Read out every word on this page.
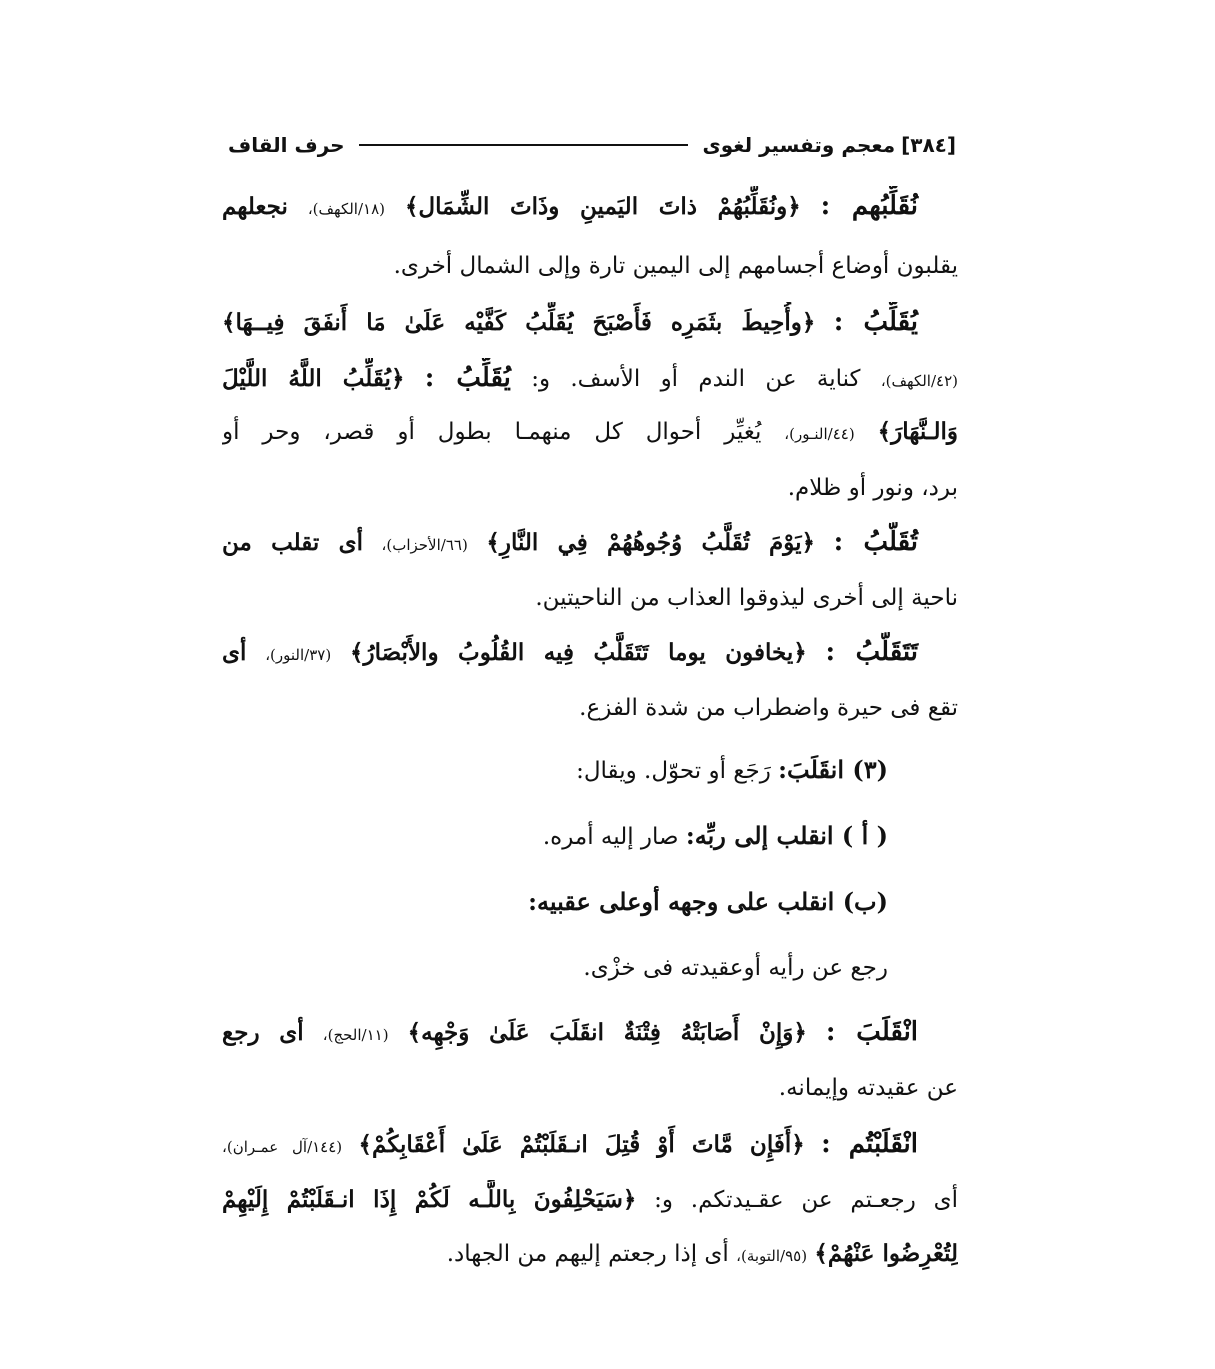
[٣٨٤]
معجم وتفسير لغوى
حرف القاف
نُقَلِّبُهم : ﴿ونُقَلِّبُهُمْ ذاتَ اليَمينِ وذَاتَ الشِّمَال﴾ (١٨/الكهف)، نجعلهم
يقلبون أوضاع أجسامهم إلى اليمين تارة وإلى الشمال أخرى.
يُقَلِّبُ : ﴿وأُحِيطَ بثَمَرِه فَأَصْبَحَ يُقَلِّبُ كَفَّيْه عَلَىٰ مَا أَنفَقَ فِيــهَا﴾
(٤٢/الكهف)، كناية عن الندم أو الأسف. و: يُقَلِّبُ : ﴿يُقَلِّبُ اللَّهُ اللَّيْلَ
وَالـنَّهَارَ﴾ (٤٤/النـور)، يُغيِّر أحوال كل منهمـا بطول أو قصر، وحر أو
برد، ونور أو ظلام.
تُقَلَّبُ : ﴿يَوْمَ تُقَلَّبُ وُجُوهُهُمْ فِي النَّارِ﴾ (٦٦/الأحزاب)، أى تقلب من
ناحية إلى أخرى ليذوقوا العذاب من الناحيتين.
تَتَقَلَّبُ : ﴿يخافون يوما تَتَقَلَّبُ فِيه القُلُوبُ والأَبْصَارُ﴾ (٣٧/النور)، أى
تقع فى حيرة واضطراب من شدة الفزع.
(٣) انقَلَبَ: رَجَع أو تحوّل. ويقال:
( أ ) انقلب إلى ربِّه: صار إليه أمره.
(ب) انقلب على وجهه أوعلى عقبيه:
رجع عن رأيه أوعقيدته فى خزْى.
انْقَلَبَ : ﴿وَإِنْ أَصَابَتْهُ فِتْنَةٌ انقَلَبَ عَلَىٰ وَجْهِه﴾ (١١/الحج)، أى رجع
عن عقيدته وإيمانه.
انْقَلَبْتُم : ﴿أَفَإِن مَّاتَ أَوْ قُتِلَ انـقَلَبْتُمْ عَلَىٰ أَعْقَابِكُمْ﴾ (١٤٤/آل عمـران)،
أى رجعـتم عن عقـيدتكم. و: ﴿سَيَحْلِفُونَ بِاللَّـه لَكُمْ إِذَا انـقَلَبْتُمْ إِلَيْهِمْ
لِتُعْرِضُوا عَنْهُمْ﴾ (٩٥/التوبة)، أى إذا رجعتم إليهم من الجهاد.
